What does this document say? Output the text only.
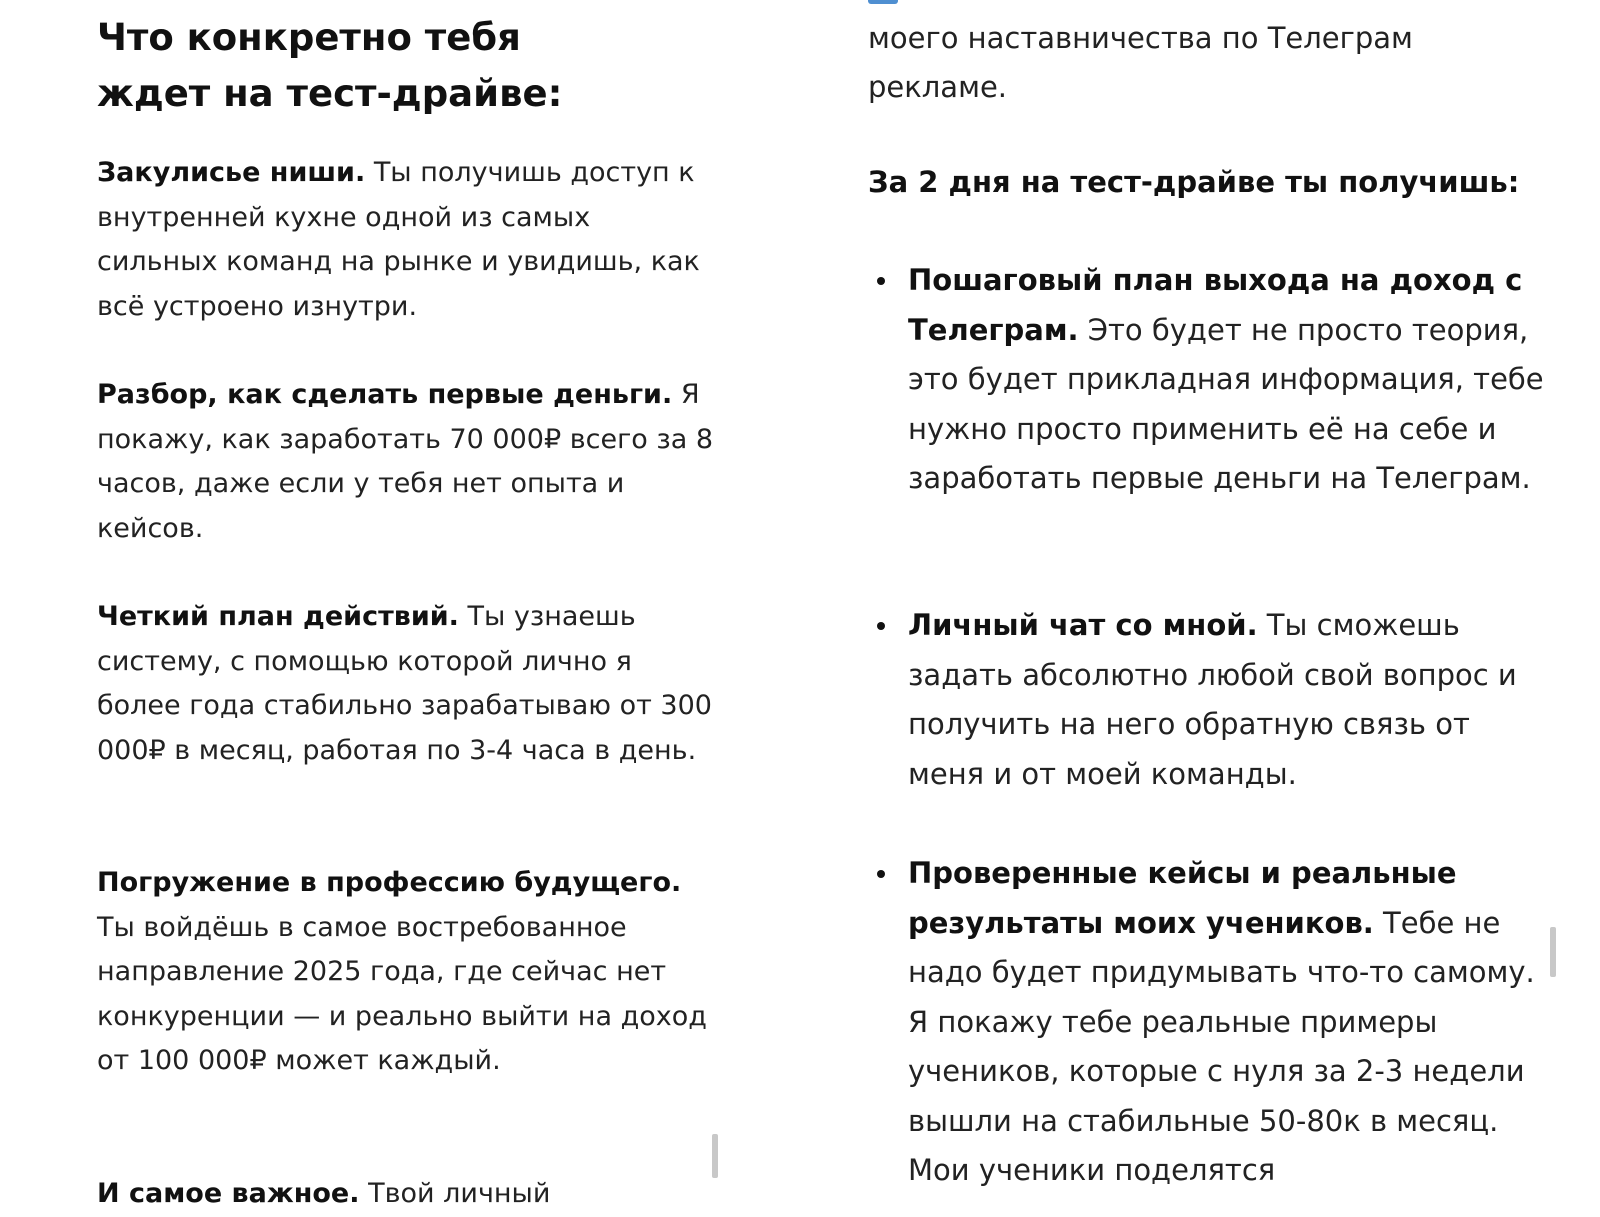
Что конкретно тебя
ждет на тест-драйве:

Закулисье ниши. Ты получишь доступ к внутренней кухне одной из самых сильных команд на рынке и увидишь, как всё устроено изнутри.

Разбор, как сделать первые деньги. Я покажу, как заработать 70 000₽ всего за 8 часов, даже если у тебя нет опыта и кейсов.

Четкий план действий. Ты узнаешь систему, с помощью которой лично я более года стабильно зарабатываю от 300 000₽ в месяц, работая по 3-4 часа в день.

Погружение в профессию будущего. Ты войдёшь в самое востребованное направление 2025 года, где сейчас нет конкуренции — и реально выйти на доход от 100 000₽ может каждый.

И самое важное. Твой личный

моего наставничества по Телеграм рекламе.

За 2 дня на тест-драйве ты получишь:

Пошаговый план выхода на доход с Телеграм. Это будет не просто теория, это будет прикладная информация, тебе нужно просто применить её на себе и заработать первые деньги на Телеграм.
Личный чат со мной. Ты сможешь задать абсолютно любой свой вопрос и получить на него обратную связь от меня и от моей команды.
Проверенные кейсы и реальные результаты моих учеников. Тебе не надо будет придумывать что-то самому. Я покажу тебе реальные примеры учеников, которые с нуля за 2-3 недели вышли на стабильные 50-80к в месяц. Мои ученики поделятся
